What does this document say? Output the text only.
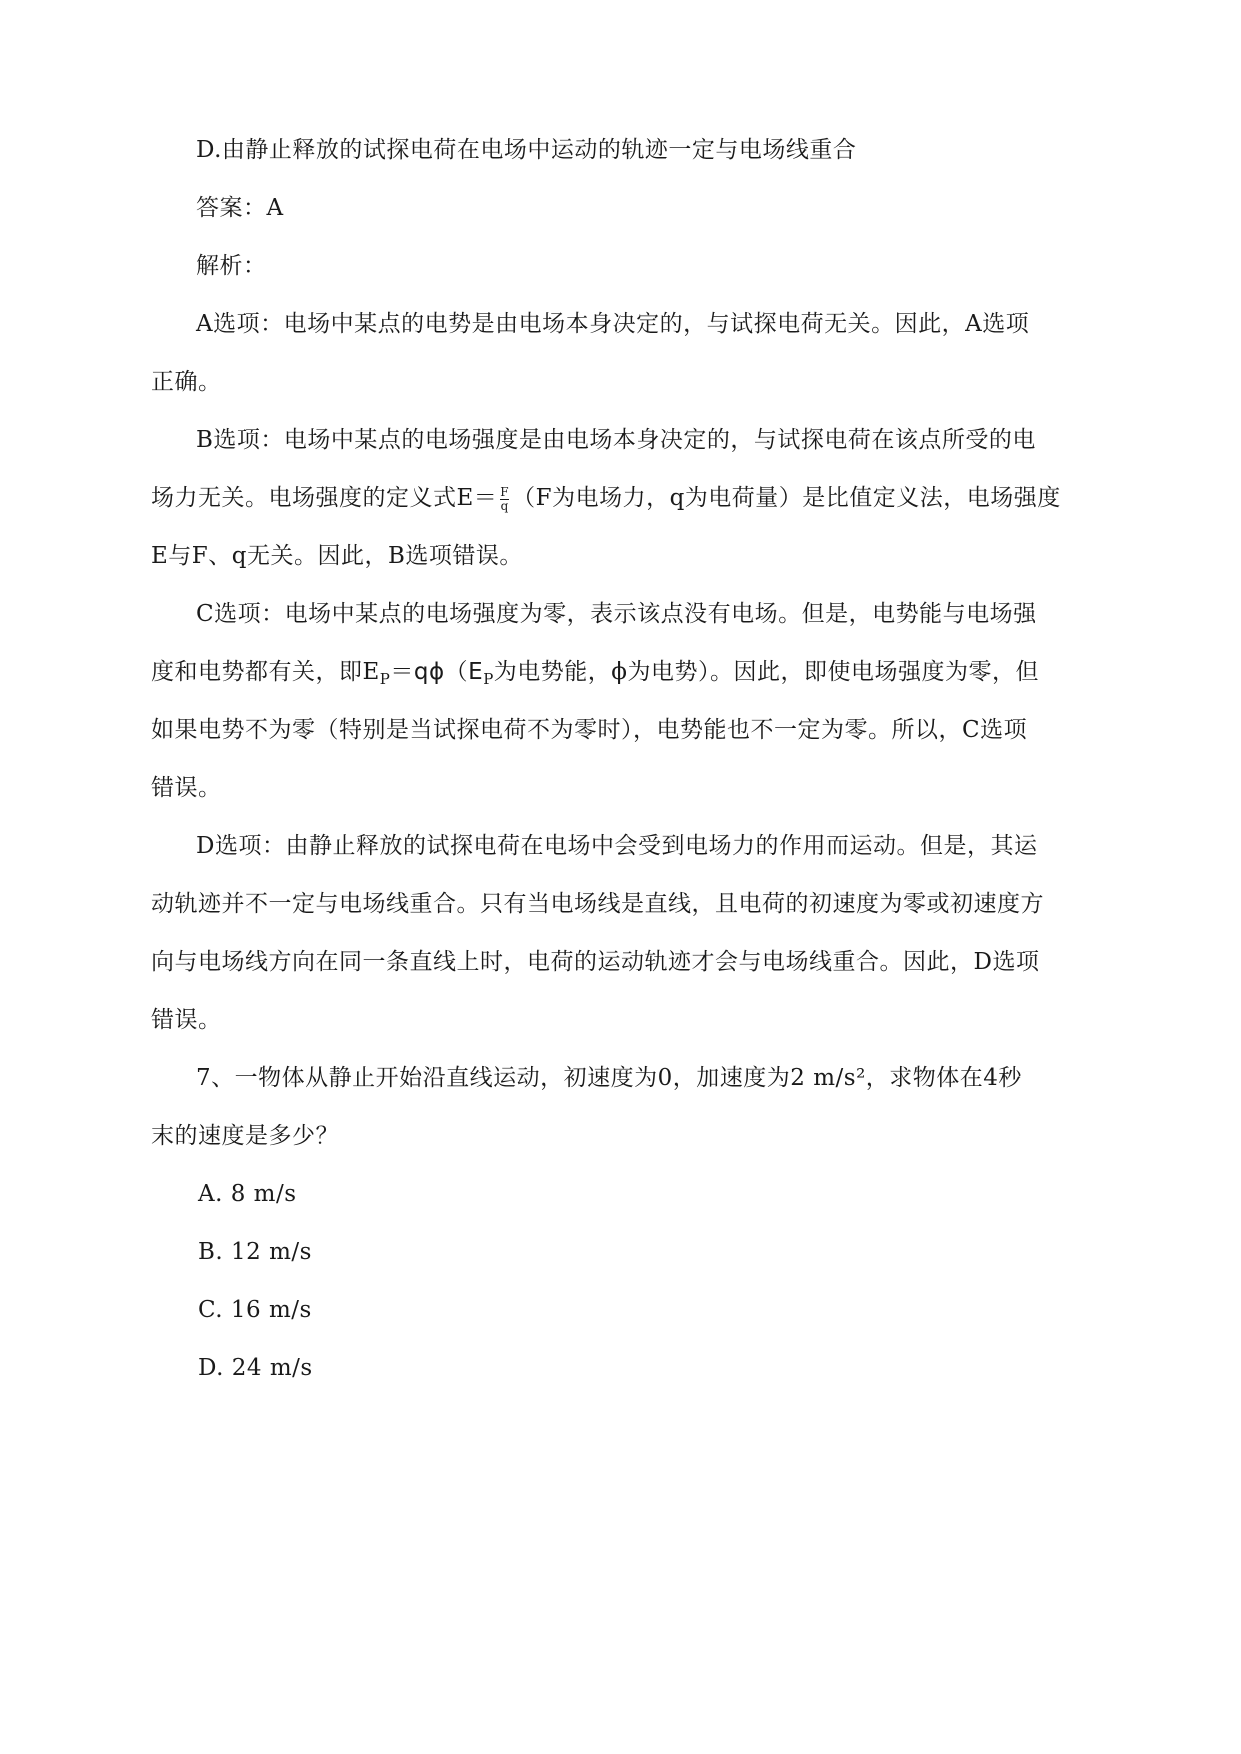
D.由静止释放的试探电荷在电场中运动的轨迹一定与电场线重合
答案：A
解析：
A选项：电场中某点的电势是由电场本身决定的，与试探电荷无关。因此，A选项
正确。
B选项：电场中某点的电场强度是由电场本身决定的，与试探电荷在该点所受的电
场力无关。电场强度的定义式$E= \frac{F}{q} (F$为电场力，q为电荷量）是比值定义法，电场强度
E与F、q无关。因此，B选项错误。
C选项：电场中某点的电场强度为零，表示该点没有电场。但是，电势能与电场强
度和电势都有关，即$E_P=q\phi(E_P$为电势能，ϕ为电势）。因此，即使电场强度为零，但
如果电势不为零（特别是当试探电荷不为零时），电势能也不一定为零。所以，C选项
错误。
D选项：由静止释放的试探电荷在电场中会受到电场力的作用而运动。但是，其运
动轨迹并不一定与电场线重合。只有当电场线是直线，且电荷的初速度为零或初速度方
向与电场线方向在同一条直线上时，电荷的运动轨迹才会与电场线重合。因此，D选项
错误。
7、一物体从静止开始沿直线运动，初速度为0，加速度为2 m/s²，求物体在4秒
末的速度是多少？
A. 8 m/s
B. 12 m/s
C. 16 m/s
D. 24 m/s
